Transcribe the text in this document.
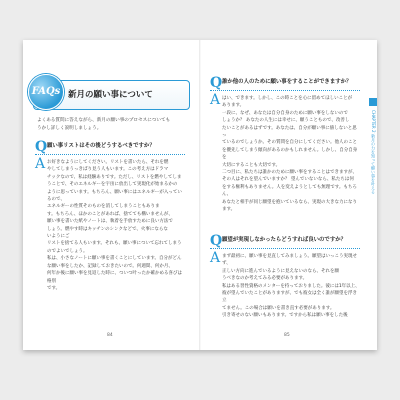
FAQs 新月の願い事について

よくある質問に答えながら、新月の願い事のプロセスについても

うかし詳しく説明しましょう。

Q 願い事リストはその後どうするべきですか？
A お好きなようにしてください。リストを書いたら、それを燃

やしてしまうっきぱり見う人もいます。この考え方はドラマ

チックなので、私は経験ありです。ただし、リストを燃やしてしま

うことで、そのエネルギーを宇宙に放出して実現化が始まるかの

ように思っています。もちろん、願い事にはエネルギーが入っているので、

エネルギーの性質そのものを消してしまうこともありま

す。もちろん、ほかのことがあれば、捨てても構いませんが、

願い事を書いた紙やノートは、執着を手放すために良い方法で

しょう。燃やす時はキッチンのシンクなどで、火事にならな

いようにご

リストを捨てる人もいます。それも、願い事について忘れてしまう

のでよいでしょう。

私は、小さなノートに願い事を書くことにしています。自分がどん

な願い事をしたか、記録しておきたいので。何週間、何か月、

何年か後に願い事を見返した時に、ついつ叶ったか確かめる喜びは格別

です。

84
Q 誰か他の人のために願い事をすることができますか？
A はい、できます。しかし、この時ことを心に留めてほしいことが

あります。

一段に、なぜ、あなたは自分自身のために願い事をしないので

しょうか？ あなたの人生には幸せに、願うこともので、改善し

たいことがあるはずです。あなたは、自分が願い事に値しないと思っ

ているのでしょうか。その質問を自分にしてください。他人のこと

を優先してしまう傾向があるのかもしれません。しかし、自分自身を

大切にすることも大切です。

二つ目に、私たちは誰かのために願い事をすることはできますが、

その人はそれを望んでいますか？ 望んでいないなら、私たちは何

をする権利もありません。人を変えようとしても無理です。もちろん、

あなたと相手が同じ願望を抱いているなら、実現の大きな力になります。

Q 願望が実現しなかったらどうすれば良いのですか？
A まず最初に、願い事を見直してみましょう。願望はいっこう実現せず、

正しい方向に進んでいるように見えないのなら、それを願

うべきなのか考えてみる必要があります。

私はある習性資格のメンターを持っておりました。彼には1年以上、

彼が望んでいたことがありますが、でも彼女は全く誰が願望を浮き立

てません。この場合は願いを書き直す必要があります。

引き寄せのない願いもあります。ですから私は願い事をした後

CHAPTER 2 新月の力を知って願い事を叶える
85
